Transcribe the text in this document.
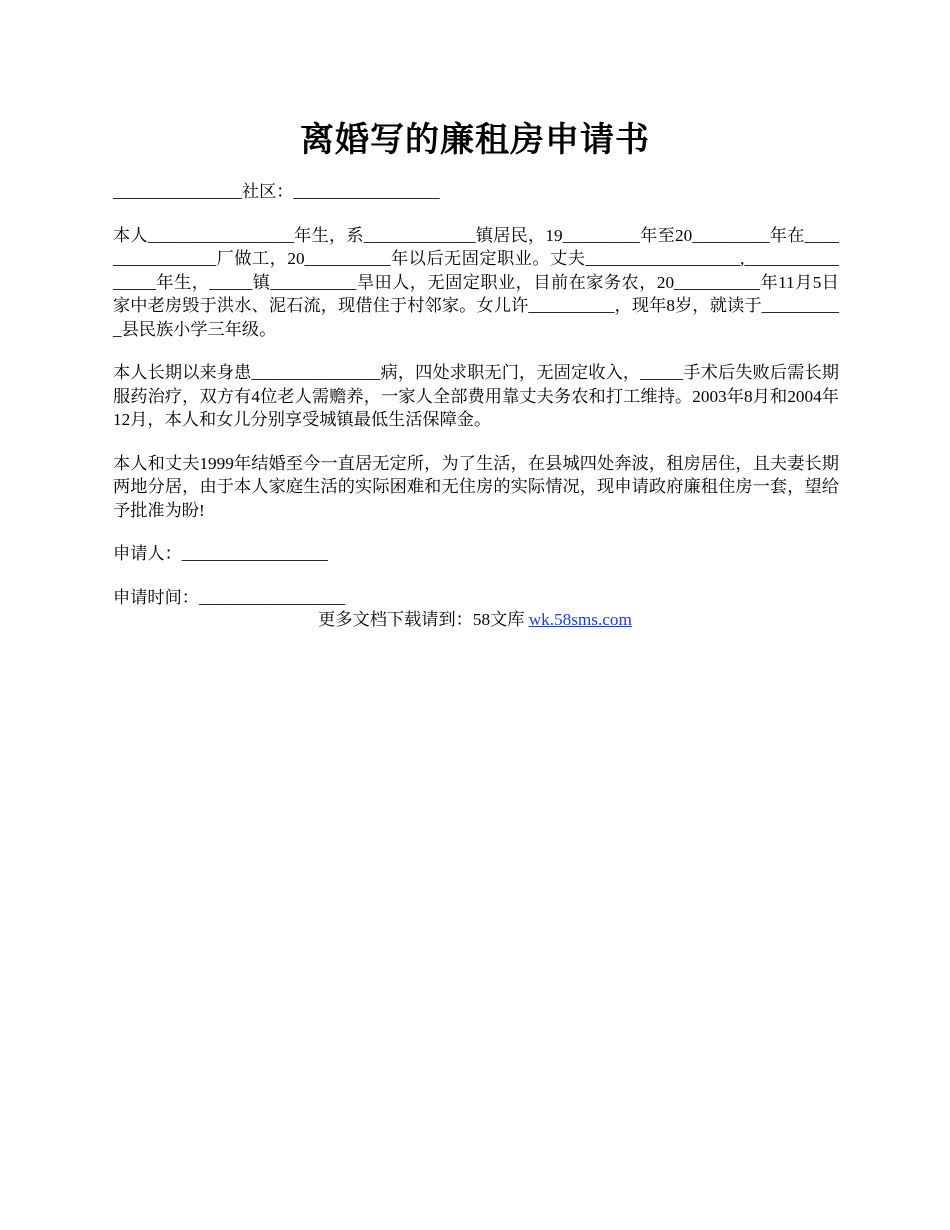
离婚写的廉租房申请书

_______________社区：_________________

本人_________________年生，系_____________镇居民，19_________年至20_________年在________________厂做工，20__________年以后无固定职业。丈夫__________________,________________年生，_____镇__________旱田人，无固定职业，目前在家务农，20__________年11月5日家中老房毁于洪水、泥石流，现借住于村邻家。女儿许__________，现年8岁，就读于__________县民族小学三年级。

本人长期以来身患_______________病，四处求职无门，无固定收入，_____手术后失败后需长期服药治疗，双方有4位老人需赡养，一家人全部费用靠丈夫务农和打工维持。2003年8月和2004年12月，本人和女儿分别享受城镇最低生活保障金。

本人和丈夫1999年结婚至今一直居无定所，为了生活，在县城四处奔波，租房居住，且夫妻长期两地分居，由于本人家庭生活的实际困难和无住房的实际情况，现申请政府廉租住房一套，望给予批准为盼!

申请人：_________________

申请时间：_________________

更多文档下载请到：58文库 wk.58sms.com
